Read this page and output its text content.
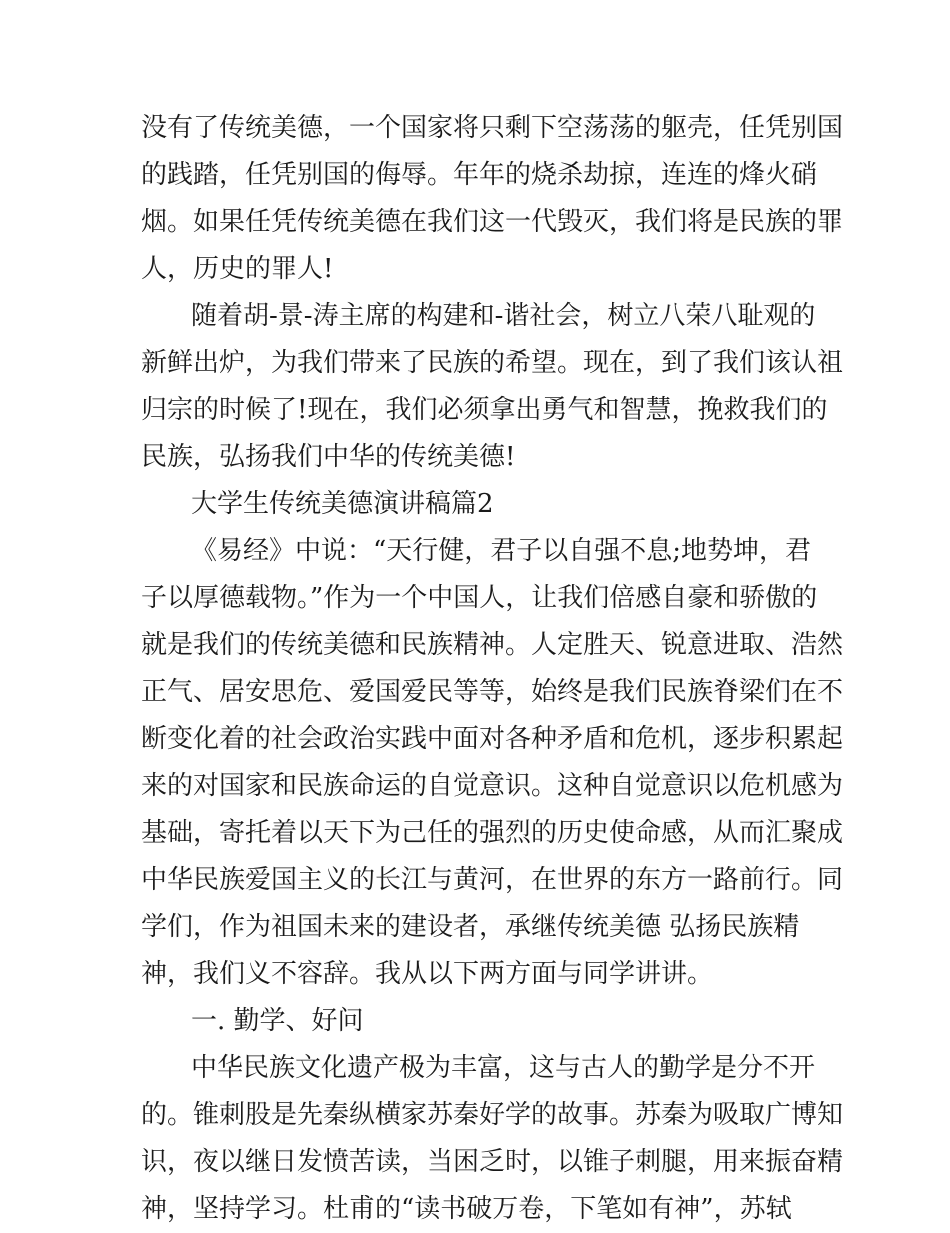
没有了传统美德，一个国家将只剩下空荡荡的躯壳，任凭别国
的践踏，任凭别国的侮辱。年年的烧杀劫掠，连连的烽火硝
烟。如果任凭传统美德在我们这一代毁灭，我们将是民族的罪
人，历史的罪人!
随着胡-景-涛主席的构建和-谐社会，树立八荣八耻观的
新鲜出炉，为我们带来了民族的希望。现在，到了我们该认祖
归宗的时候了!现在，我们必须拿出勇气和智慧，挽救我们的
民族，弘扬我们中华的传统美德!
大学生传统美德演讲稿篇2
《易经》中说：“天行健，君子以自强不息;地势坤，君
子以厚德载物。”作为一个中国人，让我们倍感自豪和骄傲的
就是我们的传统美德和民族精神。人定胜天、锐意进取、浩然
正气、居安思危、爱国爱民等等，始终是我们民族脊梁们在不
断变化着的社会政治实践中面对各种矛盾和危机，逐步积累起
来的对国家和民族命运的自觉意识。这种自觉意识以危机感为
基础，寄托着以天下为己任的强烈的历史使命感，从而汇聚成
中华民族爱国主义的长江与黄河，在世界的东方一路前行。同
学们，作为祖国未来的建设者，承继传统美德 弘扬民族精
神，我们义不容辞。我从以下两方面与同学讲讲。
一. 勤学、好问
中华民族文化遗产极为丰富，这与古人的勤学是分不开
的。锥刺股是先秦纵横家苏秦好学的故事。苏秦为吸取广博知
识，夜以继日发愤苦读，当困乏时，以锥子刺腿，用来振奋精
神，坚持学习。杜甫的“读书破万卷，下笔如有神”，苏轼
